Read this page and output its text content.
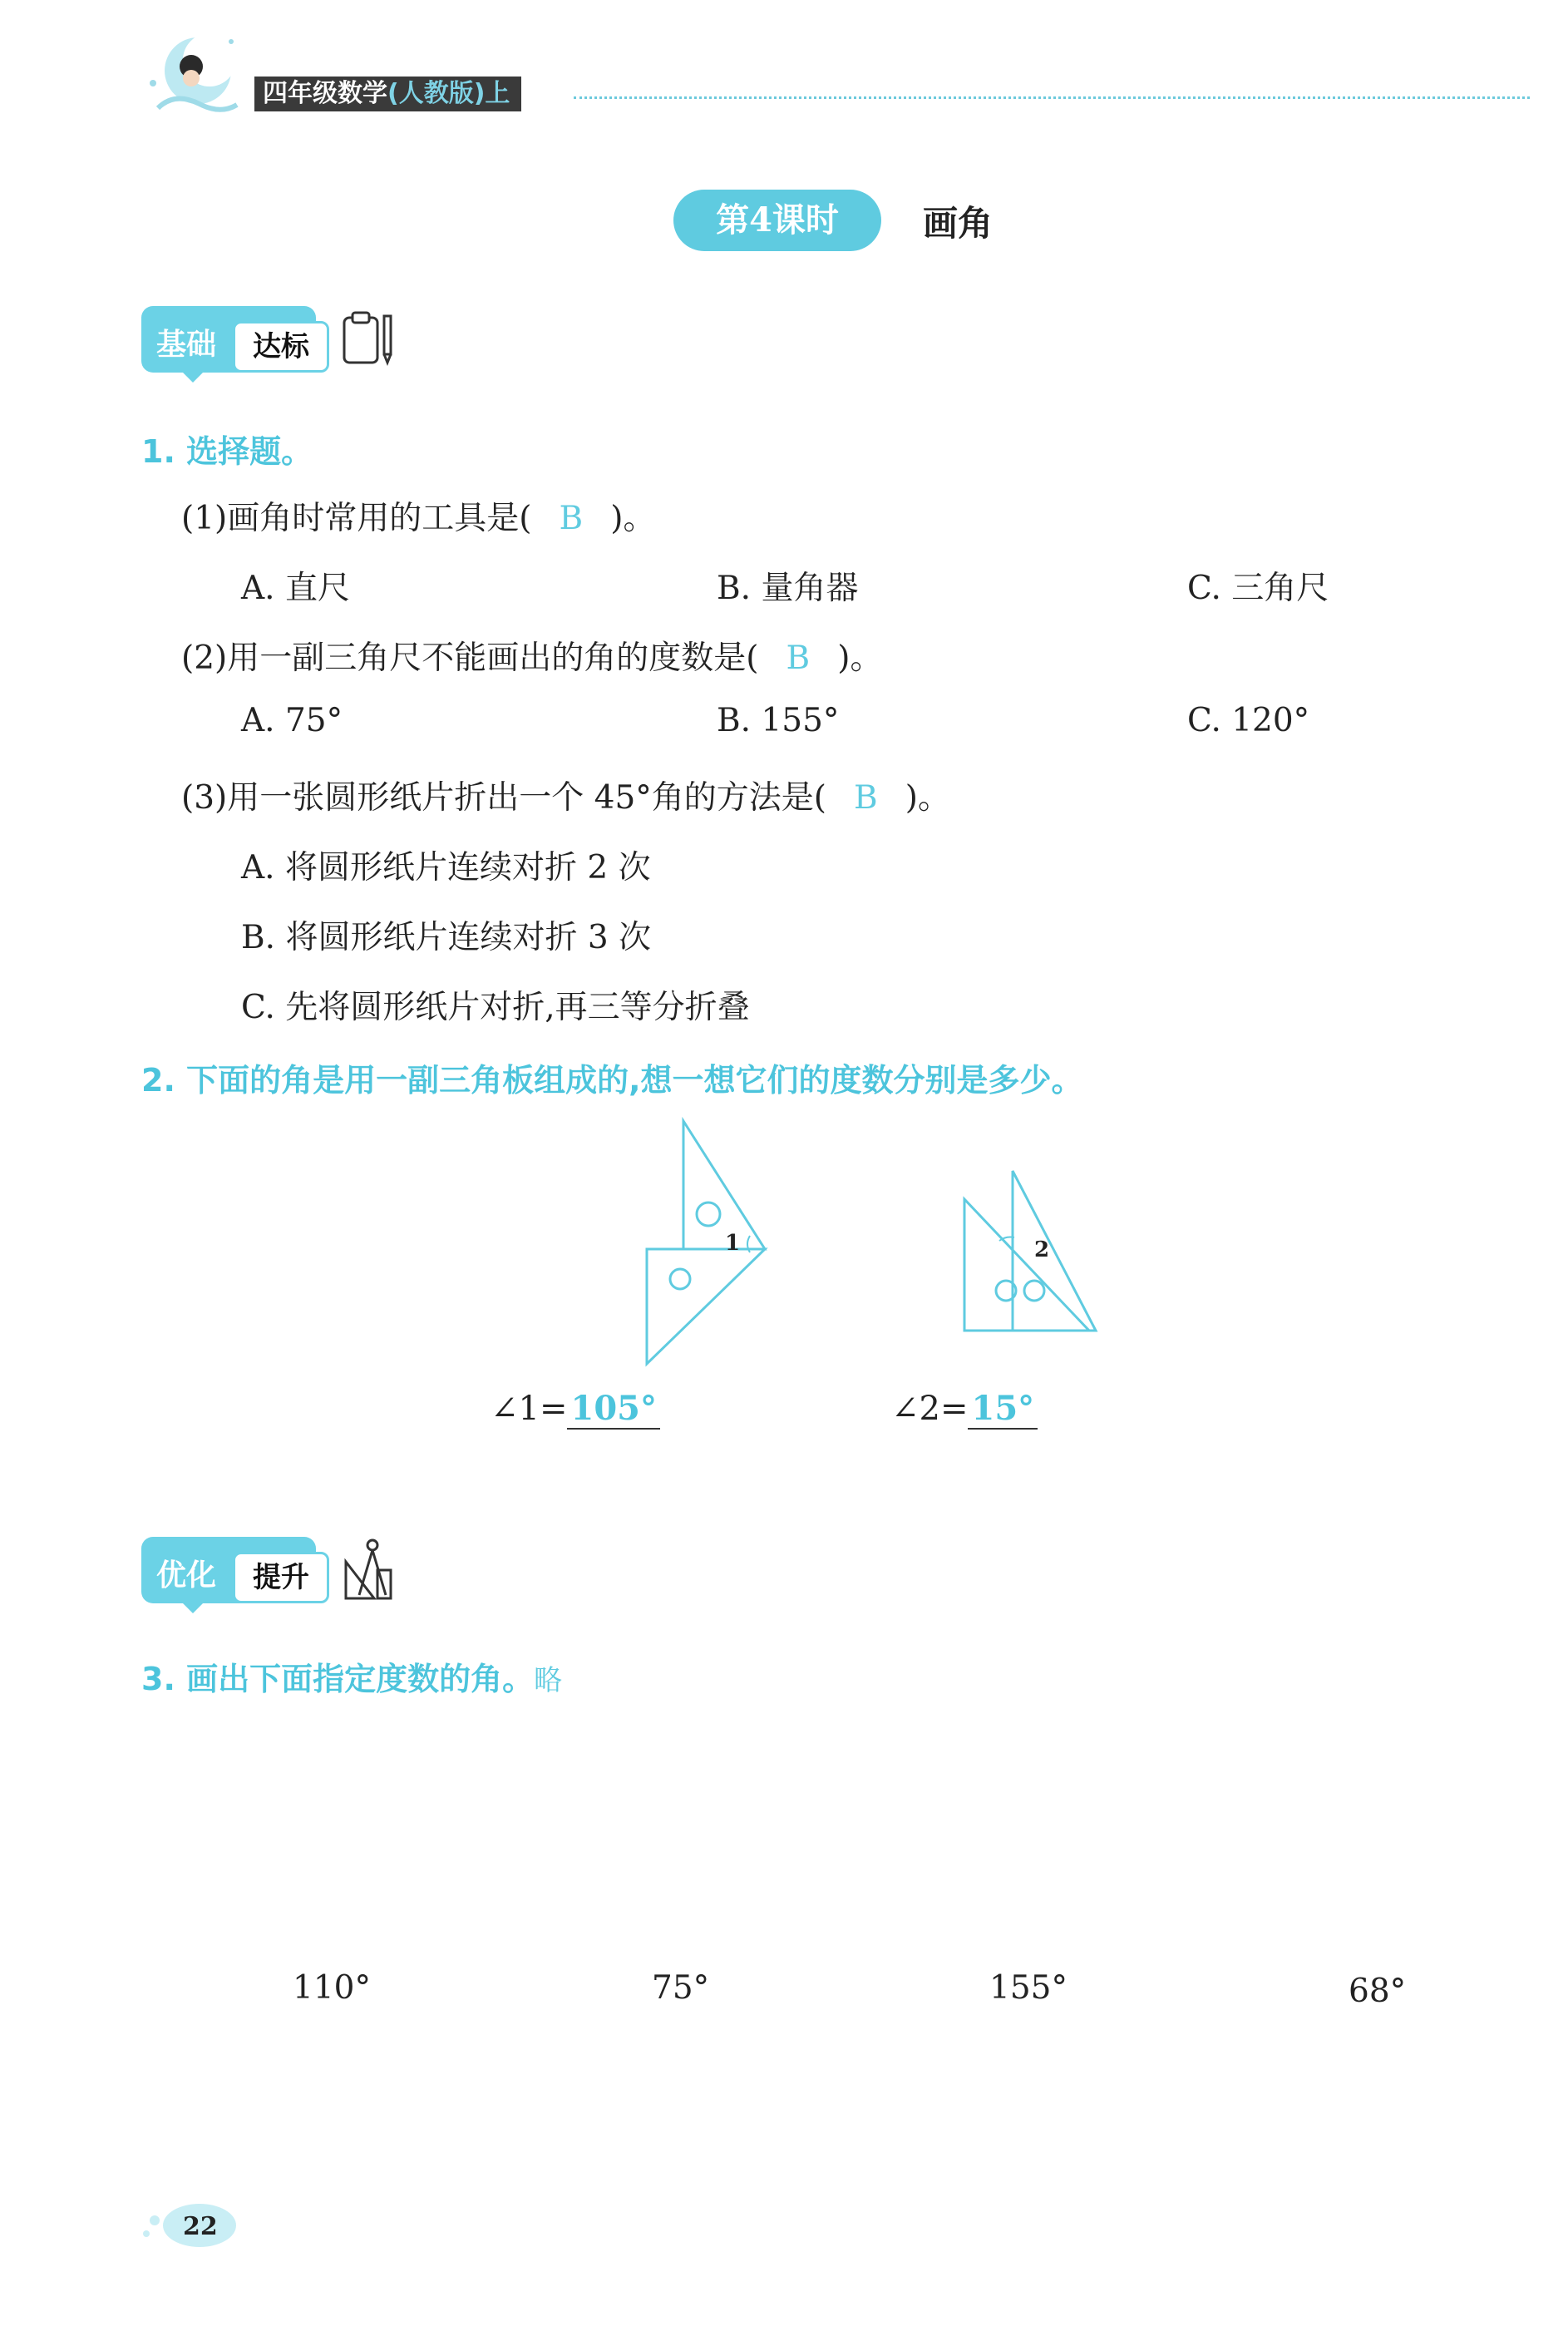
四年级数学(人教版)上
第4课时	画角
基础	达标
1. 选择题。
(1)画角时常用的工具是( B )。
A. 直尺	B. 量角器	C. 三角尺
(2)用一副三角尺不能画出的角的度数是( B )。
A. 75°	B. 155°	C. 120°
(3)用一张圆形纸片折出一个 45°角的方法是( B )。
A. 将圆形纸片连续对折 2 次
B. 将圆形纸片连续对折 3 次
C. 先将圆形纸片对折,再三等分折叠
2. 下面的角是用一副三角板组成的,想一想它们的度数分别是多少。
1	2
∠1= 105°	∠2= 15°
优化	提升
3. 画出下面指定度数的角。略
110°	75°	155°	68°
22
